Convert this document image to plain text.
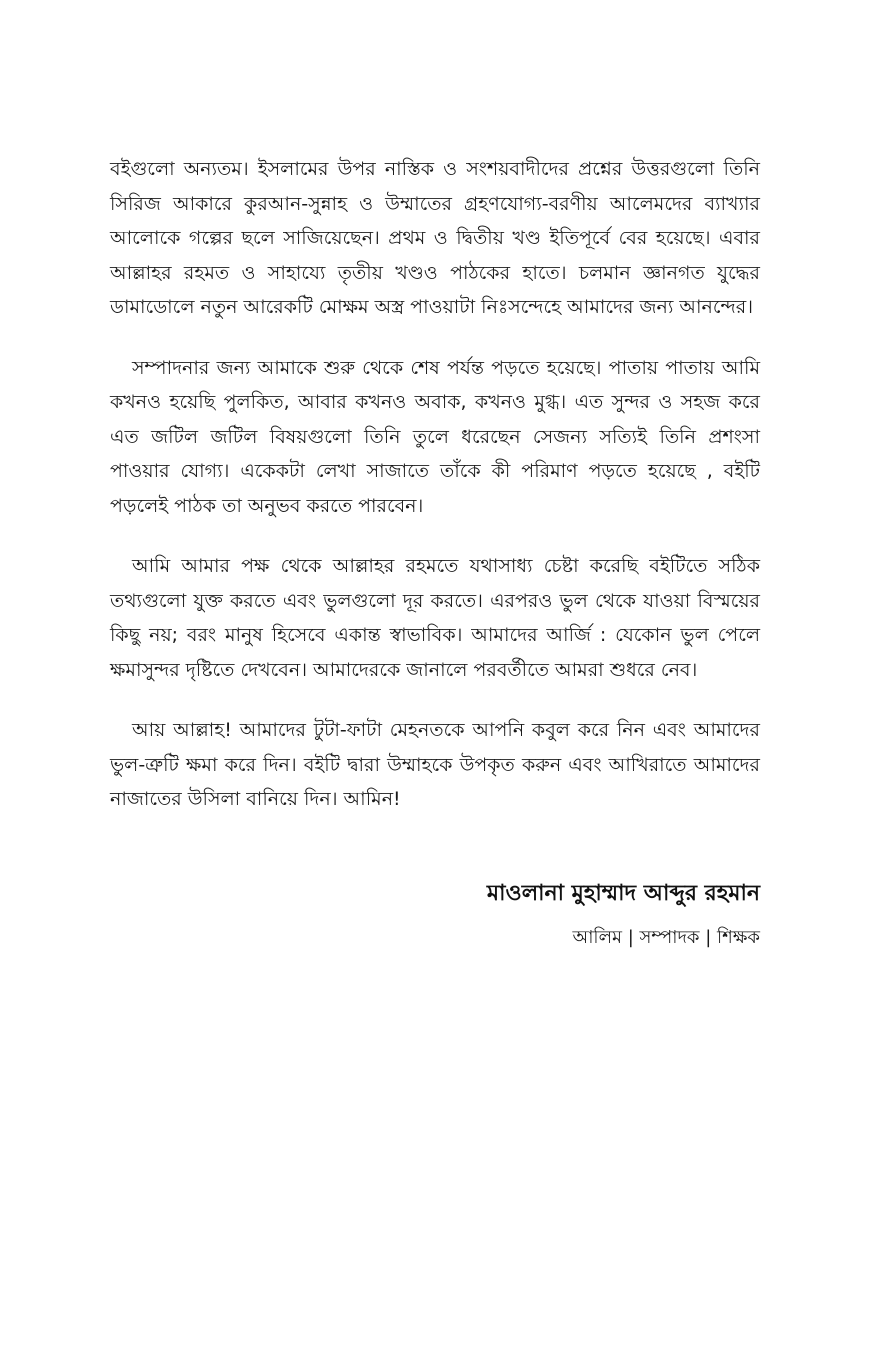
বইগুলো অন্যতম। ইসলামের উপর নাস্তিক ও সংশয়বাদীদের প্রশ্নের উত্তরগুলো তিনি সিরিজ আকারে কুরআন-সুন্নাহ ও উম্মাতের গ্রহণযোগ্য-বরণীয় আলেমদের ব্যাখ্যার আলোকে গল্পের ছলে সাজিয়েছেন। প্রথম ও দ্বিতীয় খণ্ড ইতিপূর্বে বের হয়েছে। এবার আল্লাহর রহমত ও সাহায্যে তৃতীয় খণ্ডও পাঠকের হাতে। চলমান জ্ঞানগত যুদ্ধের ডামাডোলে নতুন আরেকটি মোক্ষম অস্ত্র পাওয়াটা নিঃসন্দেহে আমাদের জন্য আনন্দের।

সম্পাদনার জন্য আমাকে শুরু থেকে শেষ পর্যন্ত পড়তে হয়েছে। পাতায় পাতায় আমি কখনও হয়েছি পুলকিত, আবার কখনও অবাক, কখনও মুগ্ধ। এত সুন্দর ও সহজ করে এত জটিল জটিল বিষয়গুলো তিনি তুলে ধরেছেন সেজন্য সত্যিই তিনি প্রশংসা পাওয়ার যোগ্য। একেকটা লেখা সাজাতে তাঁকে কী পরিমাণ পড়তে হয়েছে , বইটি পড়লেই পাঠক তা অনুভব করতে পারবেন।

আমি আমার পক্ষ থেকে আল্লাহর রহমতে যথাসাধ্য চেষ্টা করেছি বইটিতে সঠিক তথ্যগুলো যুক্ত করতে এবং ভুলগুলো দূর করতে। এরপরও ভুল থেকে যাওয়া বিস্ময়ের কিছু নয়; বরং মানুষ হিসেবে একান্ত স্বাভাবিক। আমাদের আর্জি : যেকোন ভুল পেলে ক্ষমাসুন্দর দৃষ্টিতে দেখবেন। আমাদেরকে জানালে পরবর্তীতে আমরা শুধরে নেব।

আয় আল্লাহ! আমাদের টুটা-ফাটা মেহনতকে আপনি কবুল করে নিন এবং আমাদের ভুল-ত্রুটি ক্ষমা করে দিন। বইটি দ্বারা উম্মাহকে উপকৃত করুন এবং আখিরাতে আমাদের নাজাতের উসিলা বানিয়ে দিন। আমিন!

মাওলানা মুহাম্মাদ আব্দুর রহমান
আলিম | সম্পাদক | শিক্ষক
